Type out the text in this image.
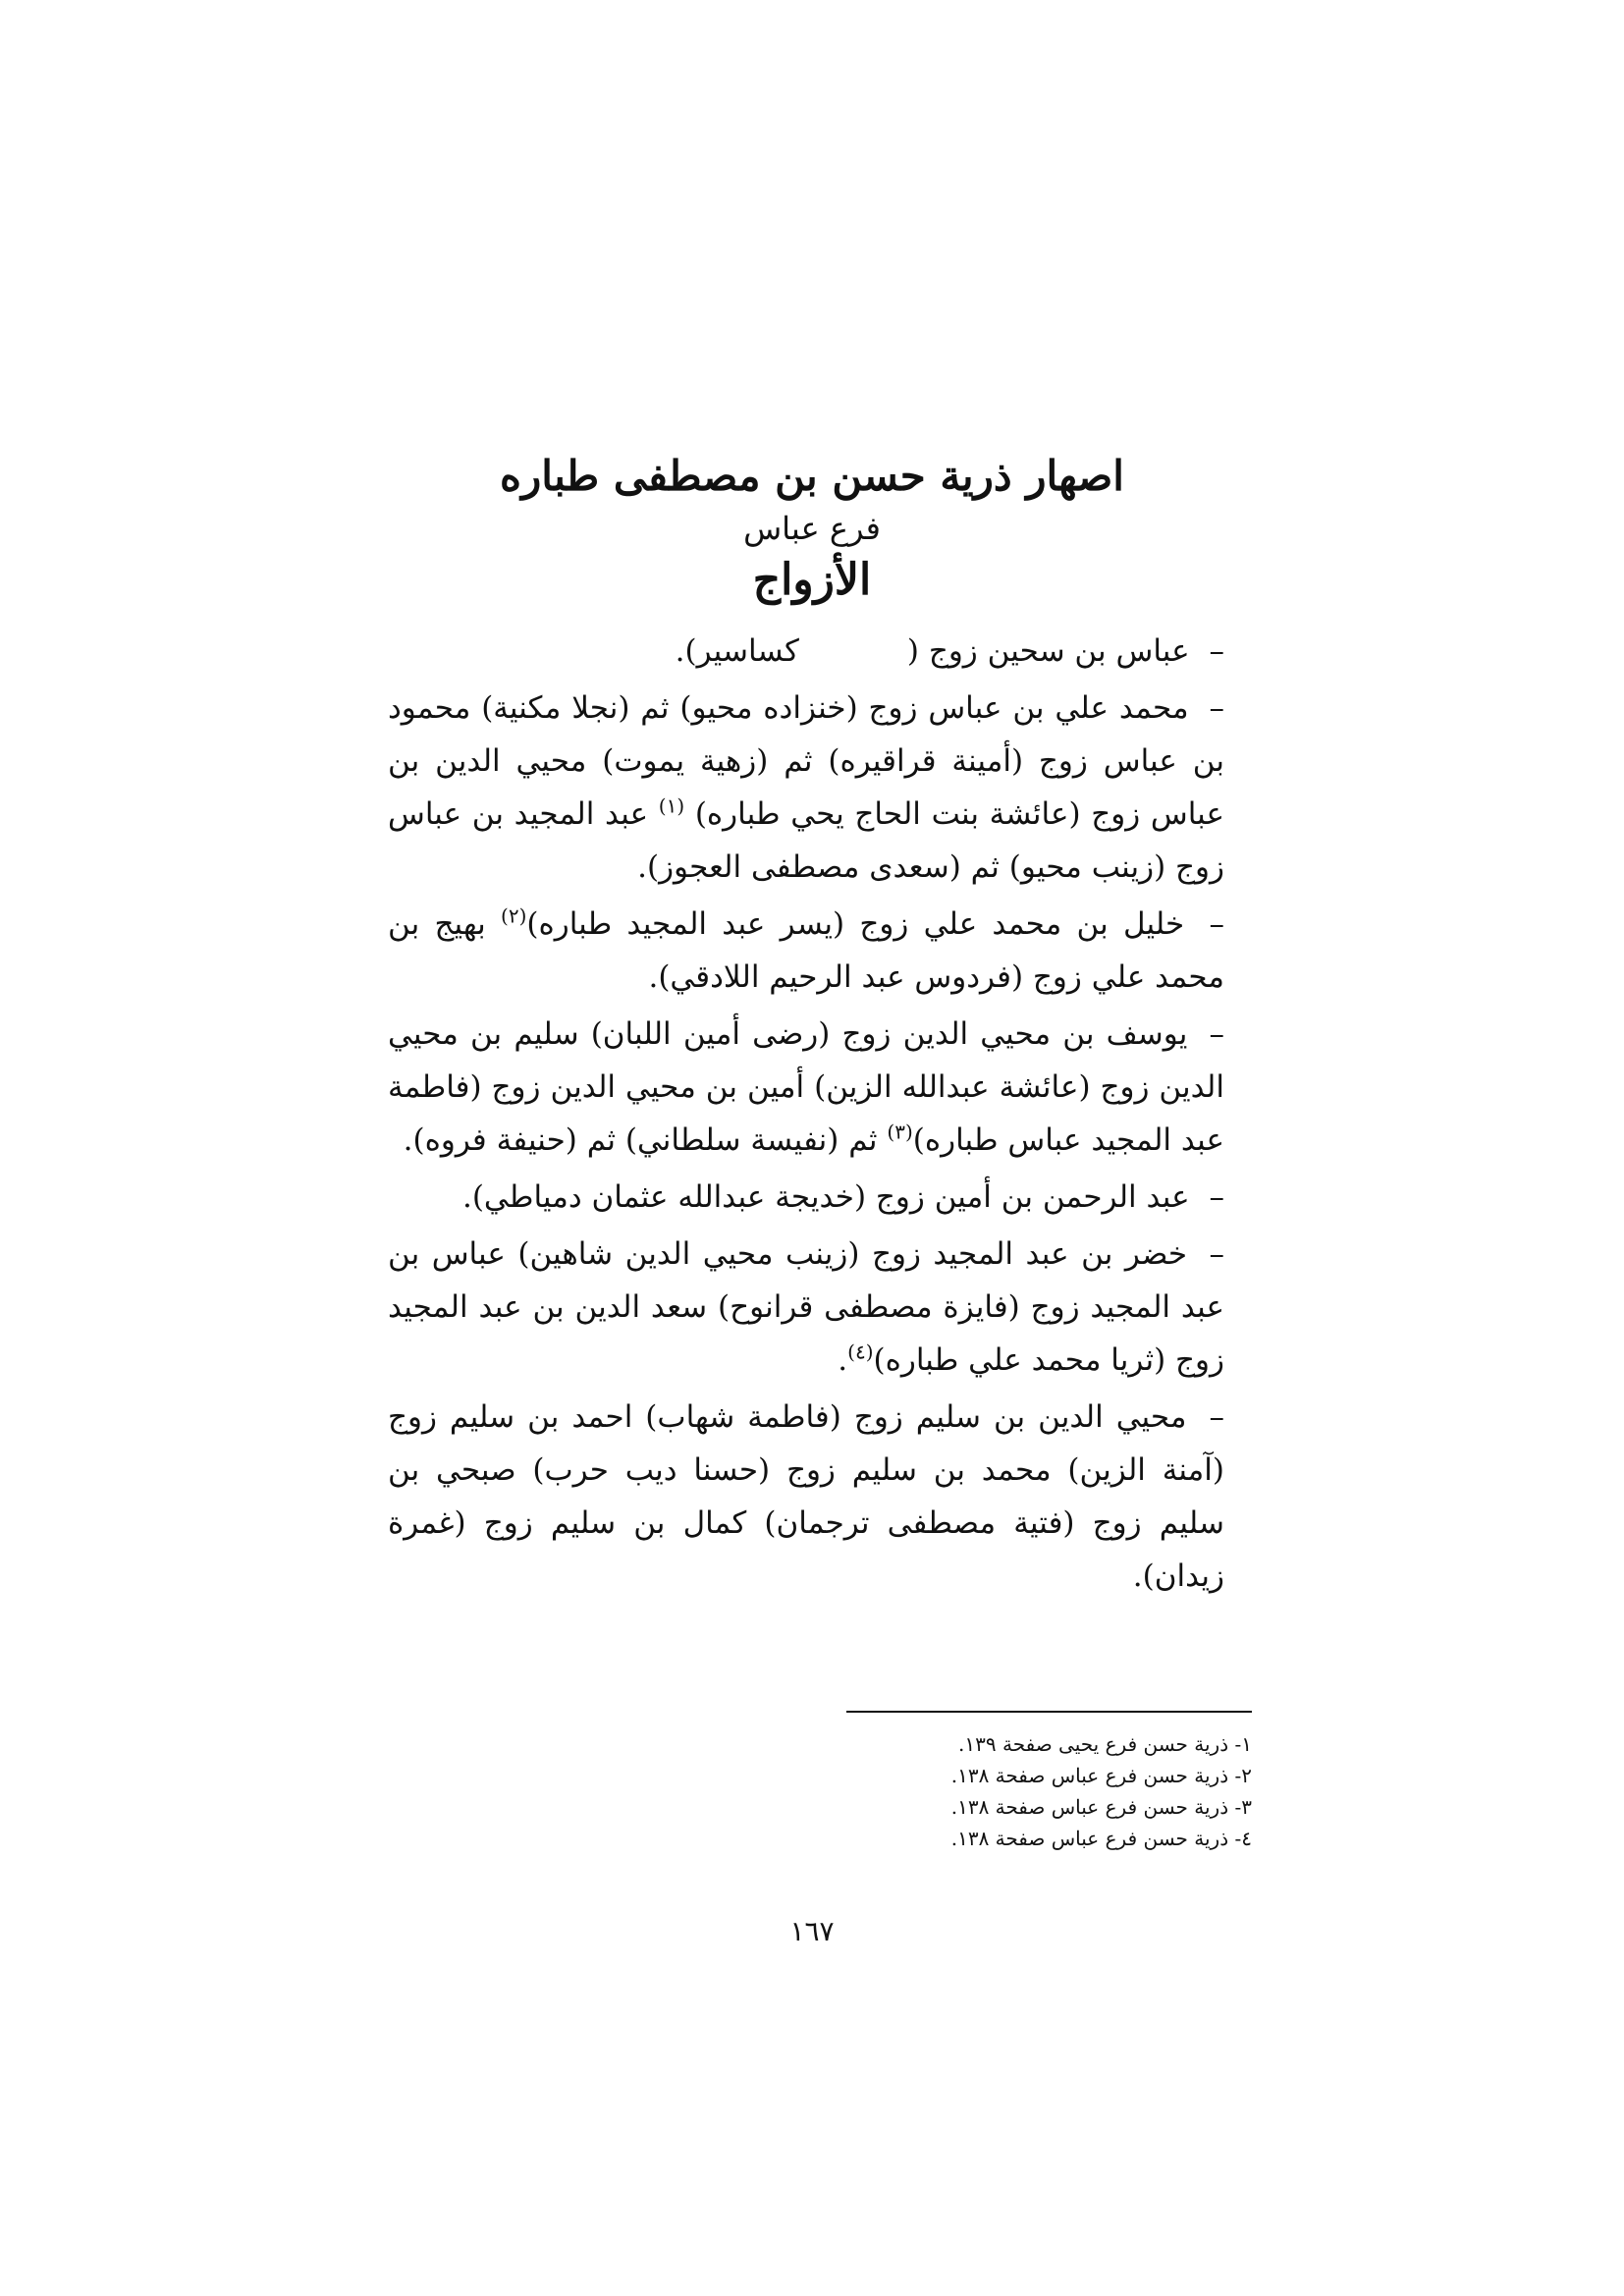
اصهار ذرية حسن بن مصطفى طباره
فرع عباس
الأزواج

– عباس بن سحين زوج (كساسير).

– محمد علي بن عباس زوج (خنزاده محيو) ثم (نجلا مكنية) محمود بن عباس زوج (أمينة قراقيره) ثم (زهية يموت) محيي الدين بن عباس زوج (عائشة بنت الحاج يحي طباره) $^{(١)}$ عبد المجيد بن عباس زوج (زينب محيو) ثم (سعدى مصطفى العجوز).

– خليل بن محمد علي زوج (يسر عبد المجيد طباره)$^{(٢)}$ بهيج بن محمد علي زوج (فردوس عبد الرحيم اللادقي).

– يوسف بن محيي الدين زوج (رضى أمين اللبان) سليم بن محيي الدين زوج (عائشة عبدالله الزين) أمين بن محيي الدين زوج (فاطمة عبد المجيد عباس طباره)$^{(٣)}$ ثم (نفيسة سلطاني) ثم (حنيفة فروه).

– عبد الرحمن بن أمين زوج (خديجة عبدالله عثمان دمياطي).

– خضر بن عبد المجيد زوج (زينب محيي الدين شاهين) عباس بن عبد المجيد زوج (فايزة مصطفى قرانوح) سعد الدين بن عبد المجيد زوج (ثريا محمد علي طباره)$^{(٤)}$.

– محيي الدين بن سليم زوج (فاطمة شهاب) احمد بن سليم زوج (آمنة الزين) محمد بن سليم زوج (حسنا ديب حرب) صبحي بن سليم زوج (فتية مصطفى ترجمان) كمال بن سليم زوج (غمرة زيدان).

١- ذرية حسن فرع يحيى صفحة ١٣٩.
٢- ذرية حسن فرع عباس صفحة ١٣٨.
٣- ذرية حسن فرع عباس صفحة ١٣٨.
٤- ذرية حسن فرع عباس صفحة ١٣٨.
١٦٧
